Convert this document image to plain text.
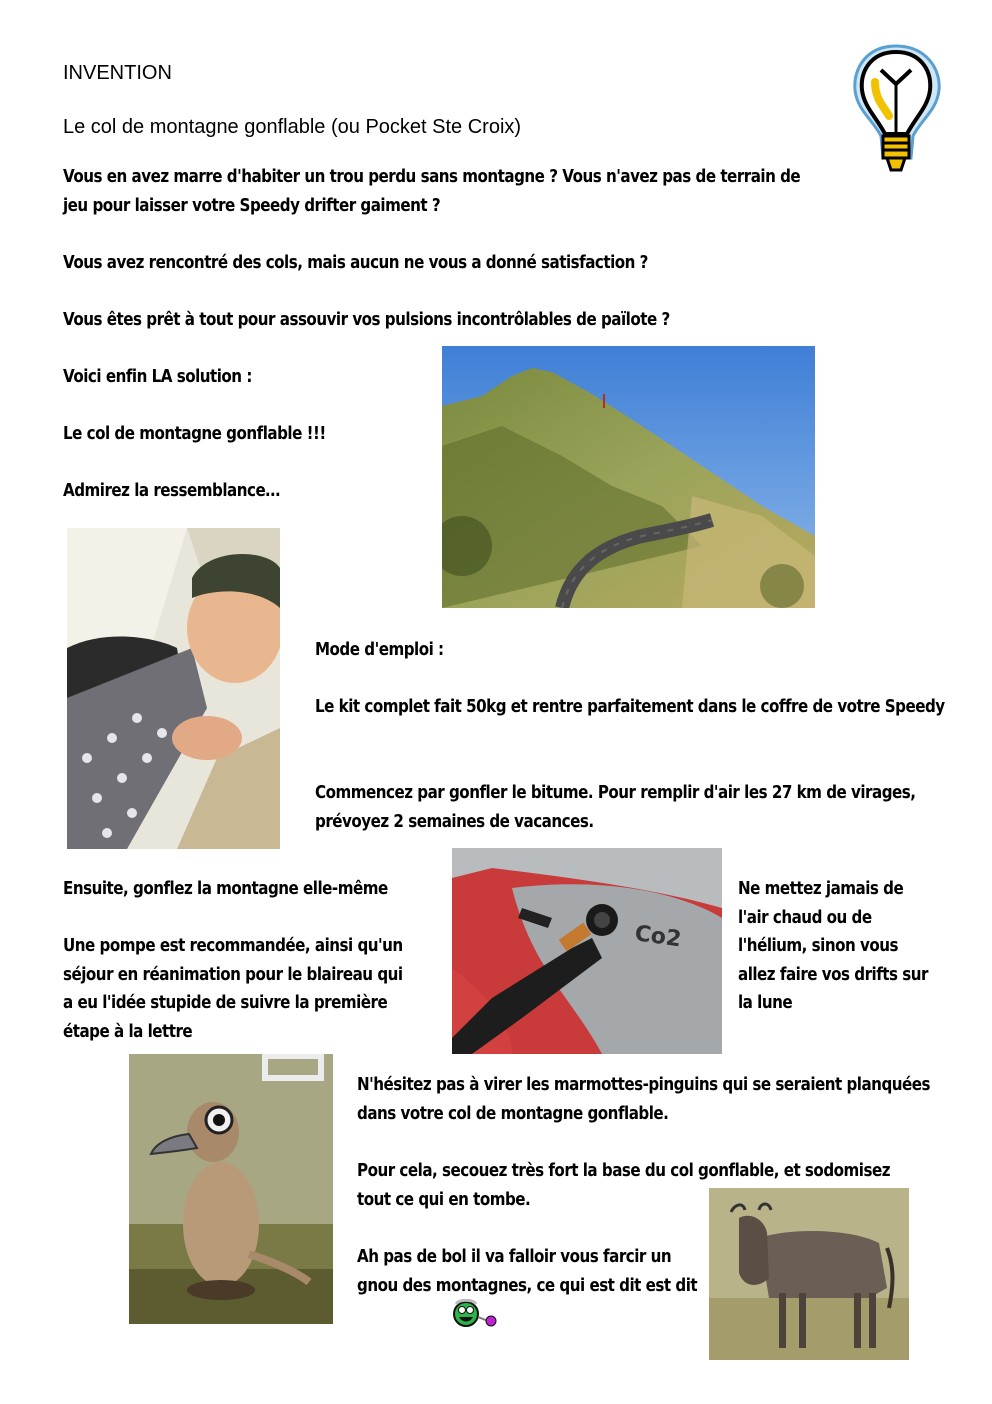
INVENTION
Le col de montagne gonflable (ou Pocket Ste Croix)
Vous en avez marre d'habiter un trou perdu sans montagne ? Vous n'avez pas de terrain de jeu pour laisser votre Speedy drifter gaiment ?
Vous avez rencontré des cols, mais aucun ne vous a donné satisfaction ?
Vous êtes prêt à tout pour assouvir vos pulsions incontrôlables de païlote ?
Voici enfin LA solution :
Le col de montagne gonflable !!!
Admirez la ressemblance…
Mode d'emploi :
Le kit complet fait 50kg et rentre parfaitement dans le coffre de votre Speedy
Commencez par gonfler le bitume. Pour remplir d'air les 27 km de virages, prévoyez 2 semaines de vacances.
Ensuite, gonflez la montagne elle-même
Une pompe est recommandée, ainsi qu'un séjour en réanimation pour le blaireau qui a eu l'idée stupide de suivre la première étape à la lettre
Co2
Ne mettez jamais de l'air chaud ou de l'hélium, sinon vous allez faire vos drifts sur la lune
N'hésitez pas à virer les marmottes-pinguins qui se seraient planquées dans votre col de montagne gonflable.
Pour cela, secouez très fort la base du col gonflable, et sodomisez tout ce qui en tombe.
Ah pas de bol il va falloir vous farcir un gnou des montagnes, ce qui est dit est dit
